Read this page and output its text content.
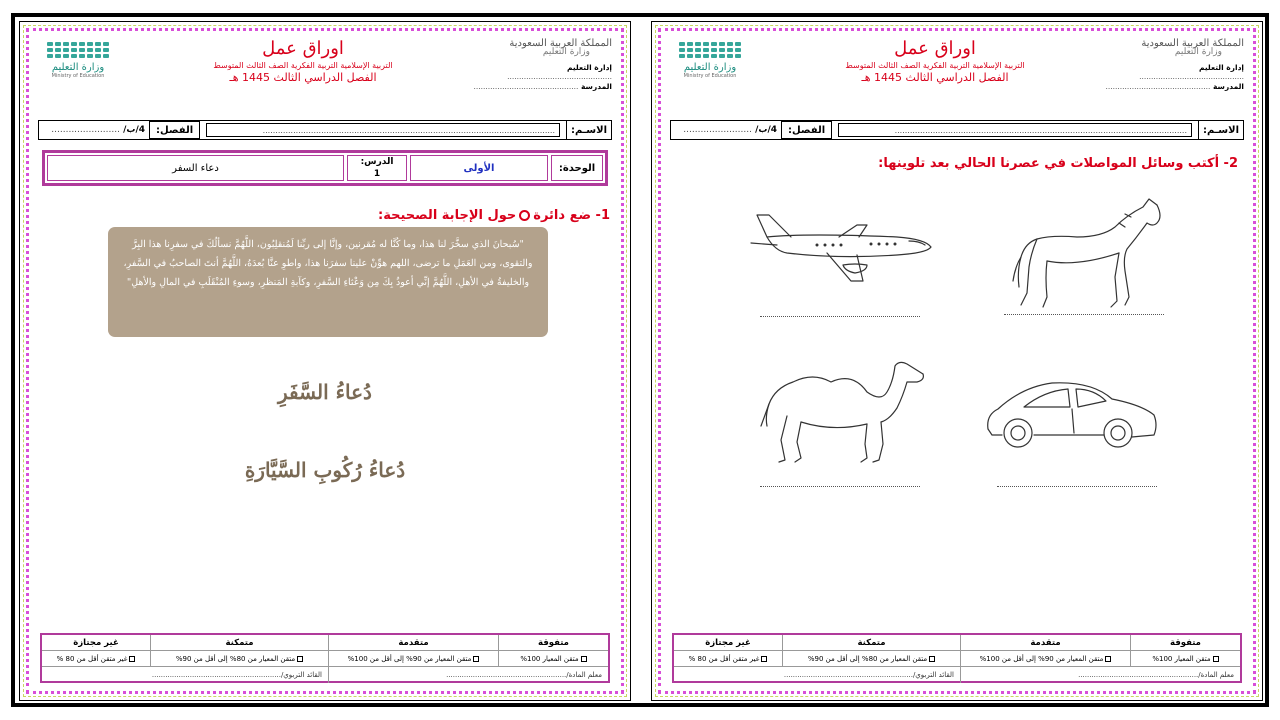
وزارة التعليم
Ministry of Education
اوراق عمل
التربية الإسلامية التربية الفكرية الصف الثالث المتوسط
الفصل الدراسي الثالث 1445 هـ
المملكة العربية السعودية
وزارة التعليم
إدارة التعليم ............................................
المدرسة ............................................
الاسـم:
...................................................................................................................
الفصل:
4/ب/

........................
الوحدة:
الأولى
الدرس:
1
دعاء السفر
1- ضع دائرةحول الإجابة الصحيحة:
"سُبحانَ الذي سخَّرَ لنا هذا، وما كُنَّا له مُقرنين، وإنَّا إلى ربِّنا لَمُنقلِبُون، اللَّهُمَّ نسألُكَ في سفرِنا هذا البِرَّ والتقوى، ومن العَمَلِ ما ترضى، اللهم هوِّنْ علينا سفرَنا هذا، واطوِ عنَّا بُعدَهُ، اللَّهُمَّ أنتَ الصاحبُ في السَّفرِ، والخليفةُ في الأهلِ، اللَّهُمَّ إنِّي أعوذُ بِكَ مِن وَعْثاءِ السَّفرِ، وكآبةِ المَنظرِ، وسوءِ المُنْقَلَبِ في المالِ والأهلِ"
دُعاءُ السَّفَرِ
دُعاءُ رُكُوبِ السَّيَّارَةِ
متفوقة
متقدمة
متمكنة
غير مجتازة
متقن المعيار 100%
متقن المعيار من 90% إلى أقل من 100%
متقن المعيار من 80% إلى أقل من 90%
غير متقن أقل من 80 %
معلم المادة/......................................................
القائد التربوي/..........................................................
وزارة التعليم
Ministry of Education
اوراق عمل
التربية الإسلامية التربية الفكرية الصف الثالث المتوسط
الفصل الدراسي الثالث 1445 هـ
المملكة العربية السعودية
وزارة التعليم
إدارة التعليم ............................................
المدرسة ............................................
الاسـم:
...................................................................................................................
الفصل:
4/ب/

........................
2- أكتب وسائل المواصلات في عصرنا الحالي بعد تلوينها:
متفوقة
متقدمة
متمكنة
غير مجتازة
متقن المعيار 100%
متقن المعيار من 90% إلى أقل من 100%
متقن المعيار من 80% إلى أقل من 90%
غير متقن أقل من 80 %
معلم المادة/......................................................
القائد التربوي/..........................................................
